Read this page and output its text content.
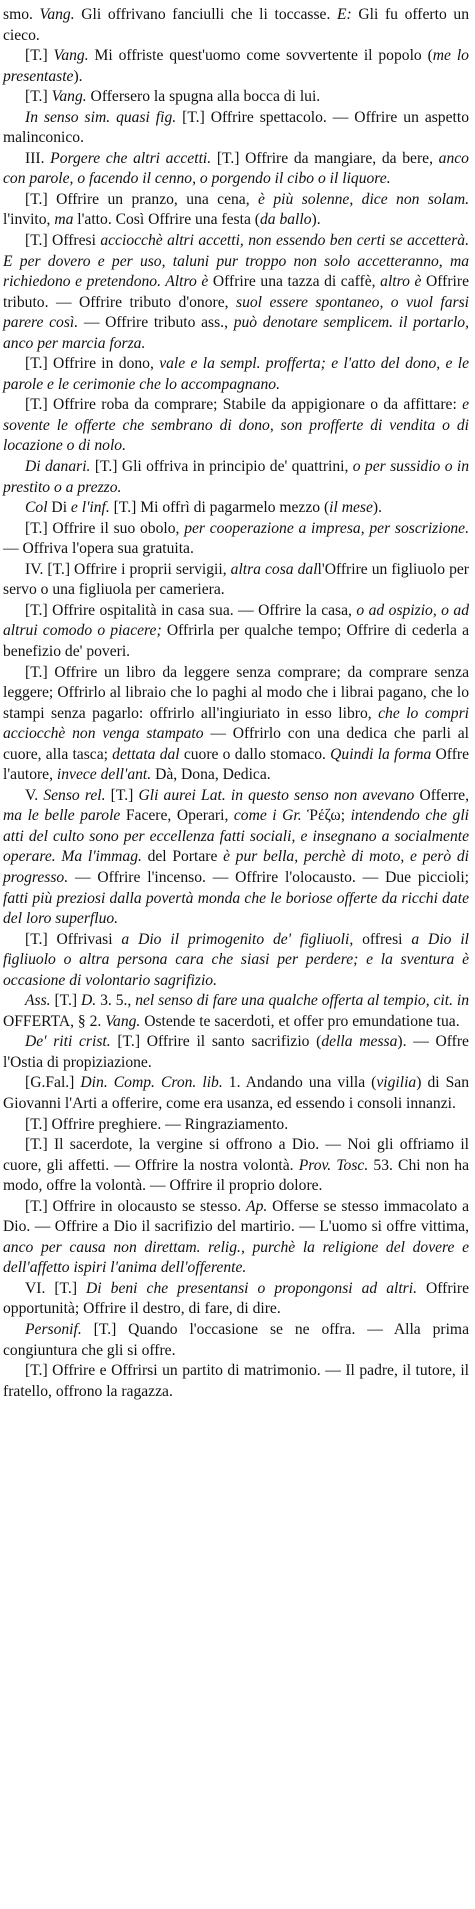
smo. Vang. Gli offrivano fanciulli che li toccasse. E: Gli fu offerto un cieco.

[T.] Vang. Mi offriste quest'uomo come sovvertente il popolo (me lo presentaste).

[T.] Vang. Offersero la spugna alla bocca di lui.

In senso sim. quasi fig. [T.] Offrire spettacolo. — Offrire un aspetto malinconico.

III. Porgere che altri accetti. [T.] Offrire da mangiare, da bere, anco con parole, o facendo il cenno, o porgendo il cibo o il liquore.

[T.] Offrire un pranzo, una cena, è più solenne, dice non solam. l'invito, ma l'atto. Così Offrire una festa (da ballo).

[T.] Offresi acciocchè altri accetti, non essendo ben certi se accetterà. E per dovero e per uso, taluni pur troppo non solo accetteranno, ma richiedono e pretendono. Altro è Offrire una tazza di caffè, altro è Offrire tributo. — Offrire tributo d'onore, suol essere spontaneo, o vuol farsi parere così. — Offrire tributo ass., può denotare semplicem. il portarlo, anco per marcia forza.

[T.] Offrire in dono, vale e la sempl. profferta; e l'atto del dono, e le parole e le cerimonie che lo accompagnano.

[T.] Offrire roba da comprare; Stabile da appigionare o da affittare: e sovente le offerte che sembrano di dono, son profferte di vendita o di locazione o di nolo.

Di danari. [T.] Gli offriva in principio de' quattrini, o per sussidio o in prestito o a prezzo.

Col Di e l'inf. [T.] Mi offrì di pagarmelo mezzo (il mese).

[T.] Offrire il suo obolo, per cooperazione a impresa, per soscrizione. — Offriva l'opera sua gratuita.

IV. [T.] Offrire i proprii servigii, altra cosa dall'Offrire un figliuolo per servo o una figliuola per cameriera.

[T.] Offrire ospitalità in casa sua. — Offrire la casa, o ad ospizio, o ad altrui comodo o piacere; Offrirla per qualche tempo; Offrire di cederla a benefizio de' poveri.

[T.] Offrire un libro da leggere senza comprare; da comprare senza leggere; Offrirlo al libraio che lo paghi al modo che i librai pagano, che lo stampi senza pagarlo: offrirlo all'ingiuriato in esso libro, che lo compri acciocchè non venga stampato — Offrirlo con una dedica che parli al cuore, alla tasca; dettata dal cuore o dallo stomaco. Quindi la forma Offre l'autore, invece dell'ant. Dà, Dona, Dedica.

V. Senso rel. [T.] Gli aurei Lat. in questo senso non avevano Offerre, ma le belle parole Facere, Operari, come i Gr. Ῥέζω; intendendo che gli atti del culto sono per eccellenza fatti sociali, e insegnano a socialmente operare. Ma l'immag. del Portare è pur bella, perchè di moto, e però di progresso. — Offrire l'incenso. — Offrire l'olocausto. — Due piccioli; fatti più preziosi dalla povertà monda che le boriose offerte da ricchi date del loro superfluo.

[T.] Offrivasi a Dio il primogenito de' figliuoli, offresi a Dio il figliuolo o altra persona cara che siasi per perdere; e la sventura è occasione di volontario sagrifizio.

Ass. [T.] D. 3. 5., nel senso di fare una qualche offerta al tempio, cit. in OFFERTA, § 2. Vang. Ostende te sacerdoti, et offer pro emundatione tua.

De' riti crist. [T.] Offrire il santo sacrifizio (della messa). — Offre l'Ostia di propiziazione.

[G.Fal.] Din. Comp. Cron. lib. 1. Andando una villa (vigilia) di San Giovanni l'Arti a offerire, come era usanza, ed essendo i consoli innanzi.

[T.] Offrire preghiere. — Ringraziamento.

[T.] Il sacerdote, la vergine si offrono a Dio. — Noi gli offriamo il cuore, gli affetti. — Offrire la nostra volontà. Prov. Tosc. 53. Chi non ha modo, offre la volontà. — Offrire il proprio dolore.

[T.] Offrire in olocausto se stesso. Ap. Offerse se stesso immacolato a Dio. — Offrire a Dio il sacrifizio del martirio. — L'uomo si offre vittima, anco per causa non direttam. relig., purchè la religione del dovere e dell'affetto ispiri l'anima dell'offerente.

VI. [T.] Di beni che presentansi o propongonsi ad altri. Offrire opportunità; Offrire il destro, di fare, di dire.

Personif. [T.] Quando l'occasione se ne offra. — Alla prima congiuntura che gli si offre.

[T.] Offrire e Offrirsi un partito di matrimonio. — Il padre, il tutore, il fratello, offrono la ragazza.
